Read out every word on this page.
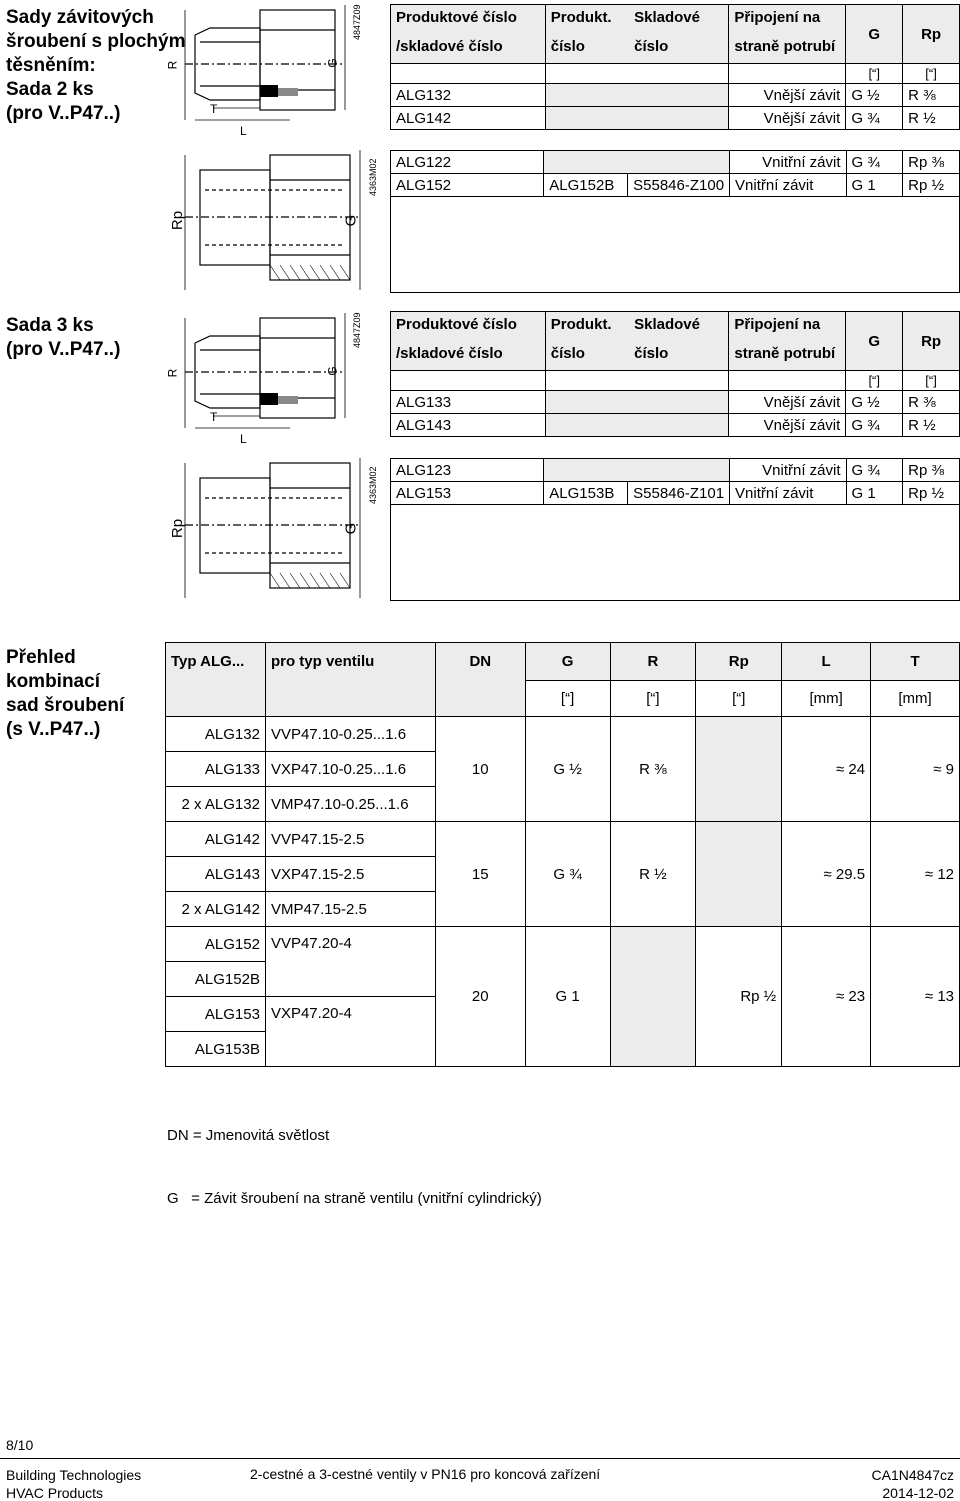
Sady závitových
šroubení s plochým
těsněním:
Sada 2 ks
(pro V..P47..)
R
T
L
G
4847Z09 Produktové číslo	Produkt.	Skladové	Připojení na	G	Rp
/skladové číslo	číslo	číslo	straně potrubí		
				[“]	[“]
ALG132			Vnější závit	G ½	R ⅜
ALG142			Vnější závit	G ¾	R ½
Rp	G
4363M02 ALG122			Vnitřní závit	G ¾	Rp ⅜
ALG152	ALG152B	S55846-Z100	Vnitřní závit	G 1	Rp ½

Sada 3 ks
(pro V..P47..)
R
T
L
G
4847Z09 Produktové číslo	Produkt.	Skladové	Připojení na	G	Rp
/skladové číslo	číslo	číslo	straně potrubí		
				[“]	[“]
ALG133			Vnější závit	G ½	R ⅜
ALG143			Vnější závit	G ¾	R ½
Rp	G
4363M02 ALG123			Vnitřní závit	G ¾	Rp ⅜
ALG153	ALG153B	S55846-Z101	Vnitřní závit	G 1	Rp ½

Přehled kombinací
sad šroubení
(s V..P47..)
Typ ALG...	pro typ ventilu	DN	G	R	Rp	L	T
			[“]	[“]	[“]	[mm]	[mm]
ALG132	VVP47.10-0.25...1.6	10	G ½	R ⅜		≈ 24	≈ 9
ALG133	VXP47.10-0.25...1.6						
2 x ALG132	VMP47.10-0.25...1.6						
ALG142	VVP47.15-2.5	15	G ¾	R ½		≈ 29.5	≈ 12
ALG143	VXP47.15-2.5						
2 x ALG142	VMP47.15-2.5						
ALG152	VVP47.20-4	20	G 1		Rp ½	≈ 23	≈ 13
ALG152B							
ALG153	VXP47.20-4						
ALG153B							

DN = Jmenovitá světlost

G   = Závit šroubení na straně ventilu (vnitřní cylindrický)

8/10
Building Technologies
HVAC Products
2-cestné a 3-cestné ventily v PN16 pro koncová zařízení	CA1N4847cz
2014-12-02
